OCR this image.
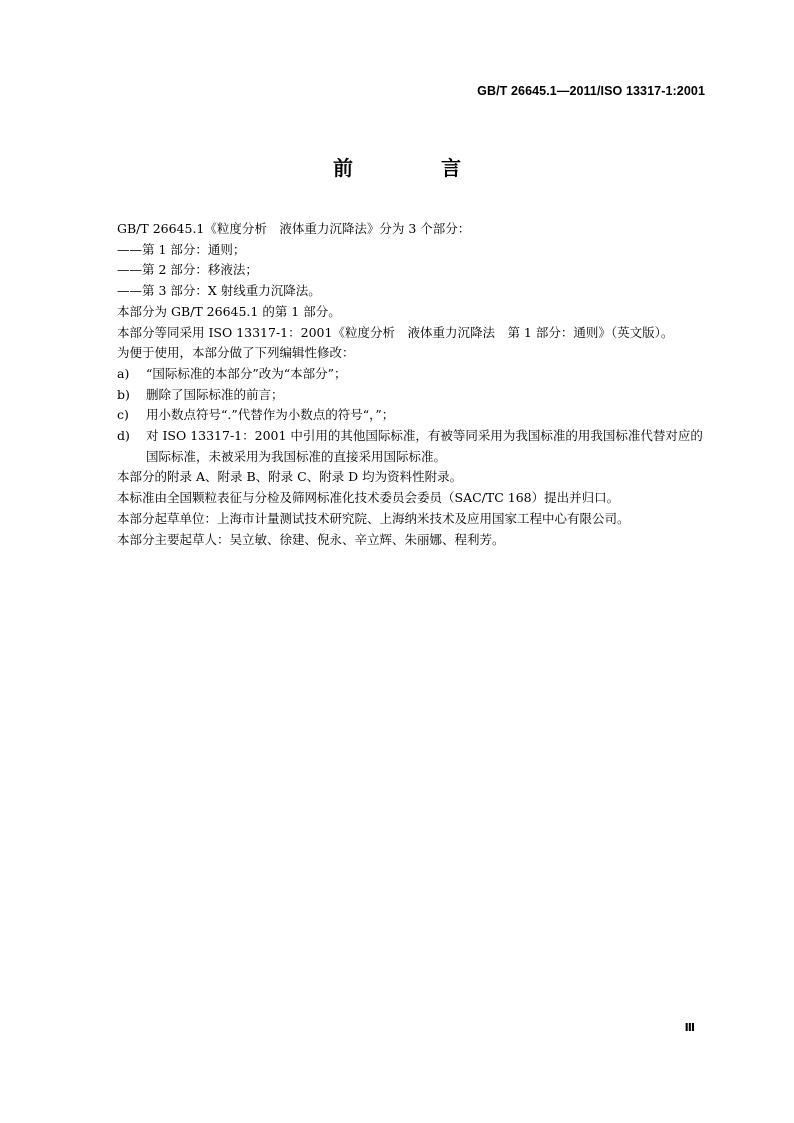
GB/T 26645.1—2011/ISO 13317-1:2001
前　言
GB/T 26645.1《粒度分析　液体重力沉降法》分为 3 个部分：
——第 1 部分：通则；
——第 2 部分：移液法；
——第 3 部分：X 射线重力沉降法。
本部分为 GB/T 26645.1 的第 1 部分。
本部分等同采用 ISO 13317-1：2001《粒度分析　液体重力沉降法　第 1 部分：通则》（英文版）。
为便于使用，本部分做了下列编辑性修改：
a)	“国际标准的本部分”改为“本部分”；
b)	删除了国际标准的前言；
c)	用小数点符号“.”代替作为小数点的符号“，”；
d)	对 ISO 13317-1：2001 中引用的其他国际标准，有被等同采用为我国标准的用我国标准代替对应的国际标准，未被采用为我国标准的直接采用国际标准。
本部分的附录 A、附录 B、附录 C、附录 D 均为资料性附录。
本标准由全国颗粒表征与分检及筛网标准化技术委员会委员（SAC/TC 168）提出并归口。
本部分起草单位：上海市计量测试技术研究院、上海纳米技术及应用国家工程中心有限公司。
本部分主要起草人：吴立敏、徐建、倪永、辛立辉、朱丽娜、程利芳。
Ⅲ
